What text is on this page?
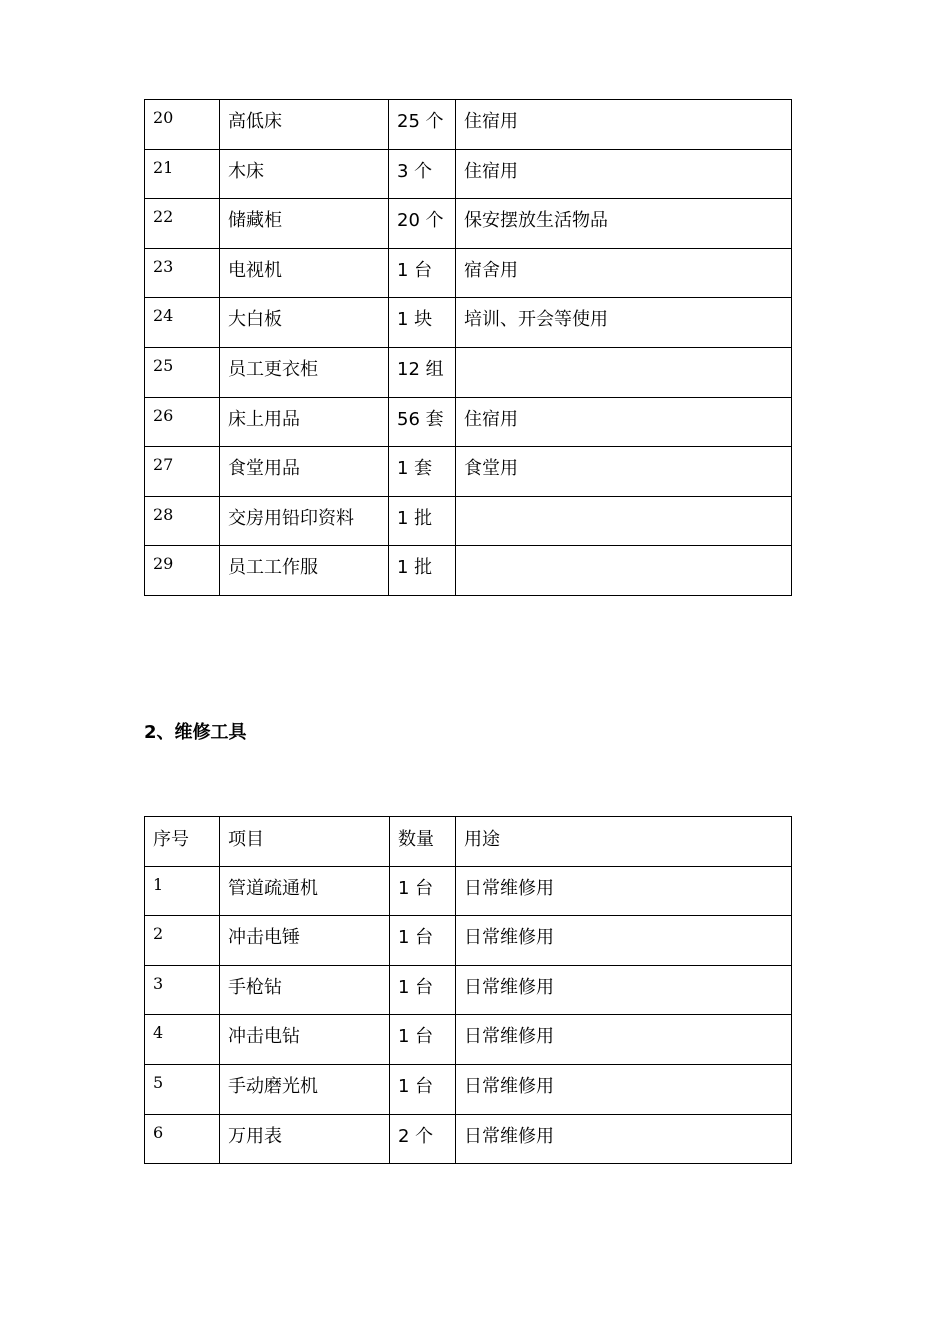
20	高低床	25 个	住宿用

21	木床	3 个	住宿用

22	储藏柜	20 个	保安摆放生活物品

23	电视机	1 台	宿舍用

24	大白板	1 块	培训、开会等使用

25	员工更衣柜	12 组	

26	床上用品	56 套	住宿用

27	食堂用品	1 套	食堂用

28	交房用铅印资料	1 批	

29	员工工作服	1 批	

2、维修工具
序号	项目	数量	用途

1	管道疏通机	1 台	日常维修用

2	冲击电锤	1 台	日常维修用

3	手枪钻	1 台	日常维修用

4	冲击电钻	1 台	日常维修用

5	手动磨光机	1 台	日常维修用

6	万用表	2 个	日常维修用
